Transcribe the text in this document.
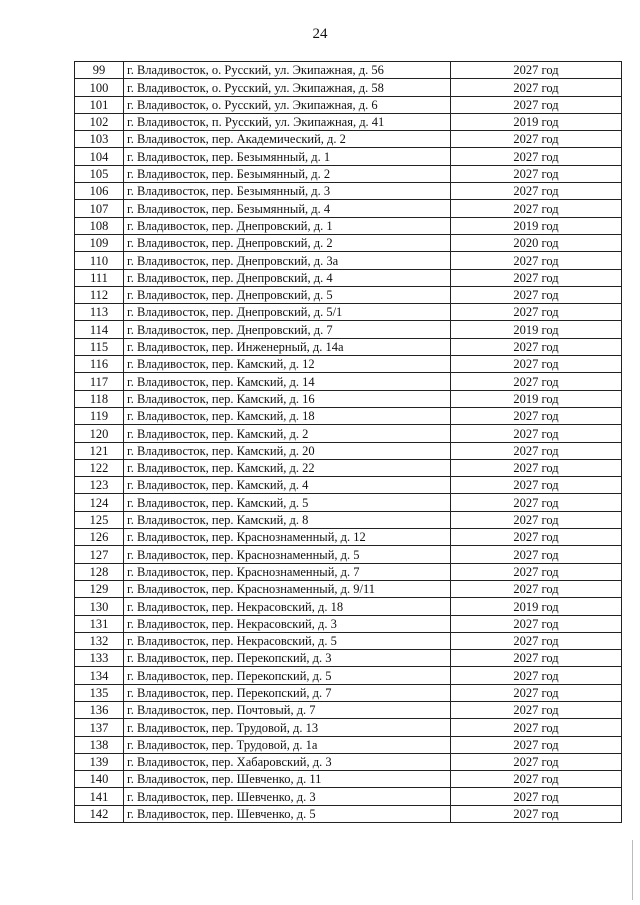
24
99	г. Владивосток, о. Русский, ул. Экипажная, д. 56	2027 год
100	г. Владивосток, о. Русский, ул. Экипажная, д. 58	2027 год
101	г. Владивосток, о. Русский, ул. Экипажная, д. 6	2027 год
102	г. Владивосток, п. Русский, ул. Экипажная, д. 41	2019 год
103	г. Владивосток, пер. Академический, д. 2	2027 год
104	г. Владивосток, пер. Безымянный, д. 1	2027 год
105	г. Владивосток, пер. Безымянный, д. 2	2027 год
106	г. Владивосток, пер. Безымянный, д. 3	2027 год
107	г. Владивосток, пер. Безымянный, д. 4	2027 год
108	г. Владивосток, пер. Днепровский, д. 1	2019 год
109	г. Владивосток, пер. Днепровский, д. 2	2020 год
110	г. Владивосток, пер. Днепровский, д. 3а	2027 год
111	г. Владивосток, пер. Днепровский, д. 4	2027 год
112	г. Владивосток, пер. Днепровский, д. 5	2027 год
113	г. Владивосток, пер. Днепровский, д. 5/1	2027 год
114	г. Владивосток, пер. Днепровский, д. 7	2019 год
115	г. Владивосток, пер. Инженерный, д. 14а	2027 год
116	г. Владивосток, пер. Камский, д. 12	2027 год
117	г. Владивосток, пер. Камский, д. 14	2027 год
118	г. Владивосток, пер. Камский, д. 16	2019 год
119	г. Владивосток, пер. Камский, д. 18	2027 год
120	г. Владивосток, пер. Камский, д. 2	2027 год
121	г. Владивосток, пер. Камский, д. 20	2027 год
122	г. Владивосток, пер. Камский, д. 22	2027 год
123	г. Владивосток, пер. Камский, д. 4	2027 год
124	г. Владивосток, пер. Камский, д. 5	2027 год
125	г. Владивосток, пер. Камский, д. 8	2027 год
126	г. Владивосток, пер. Краснознаменный, д. 12	2027 год
127	г. Владивосток, пер. Краснознаменный, д. 5	2027 год
128	г. Владивосток, пер. Краснознаменный, д. 7	2027 год
129	г. Владивосток, пер. Краснознаменный, д. 9/11	2027 год
130	г. Владивосток, пер. Некрасовский, д. 18	2019 год
131	г. Владивосток, пер. Некрасовский, д. 3	2027 год
132	г. Владивосток, пер. Некрасовский, д. 5	2027 год
133	г. Владивосток, пер. Перекопский, д. 3	2027 год
134	г. Владивосток, пер. Перекопский, д. 5	2027 год
135	г. Владивосток, пер. Перекопский, д. 7	2027 год
136	г. Владивосток, пер. Почтовый, д. 7	2027 год
137	г. Владивосток, пер. Трудовой, д. 13	2027 год
138	г. Владивосток, пер. Трудовой, д. 1а	2027 год
139	г. Владивосток, пер. Хабаровский, д. 3	2027 год
140	г. Владивосток, пер. Шевченко, д. 11	2027 год
141	г. Владивосток, пер. Шевченко, д. 3	2027 год
142	г. Владивосток, пер. Шевченко, д. 5	2027 год
